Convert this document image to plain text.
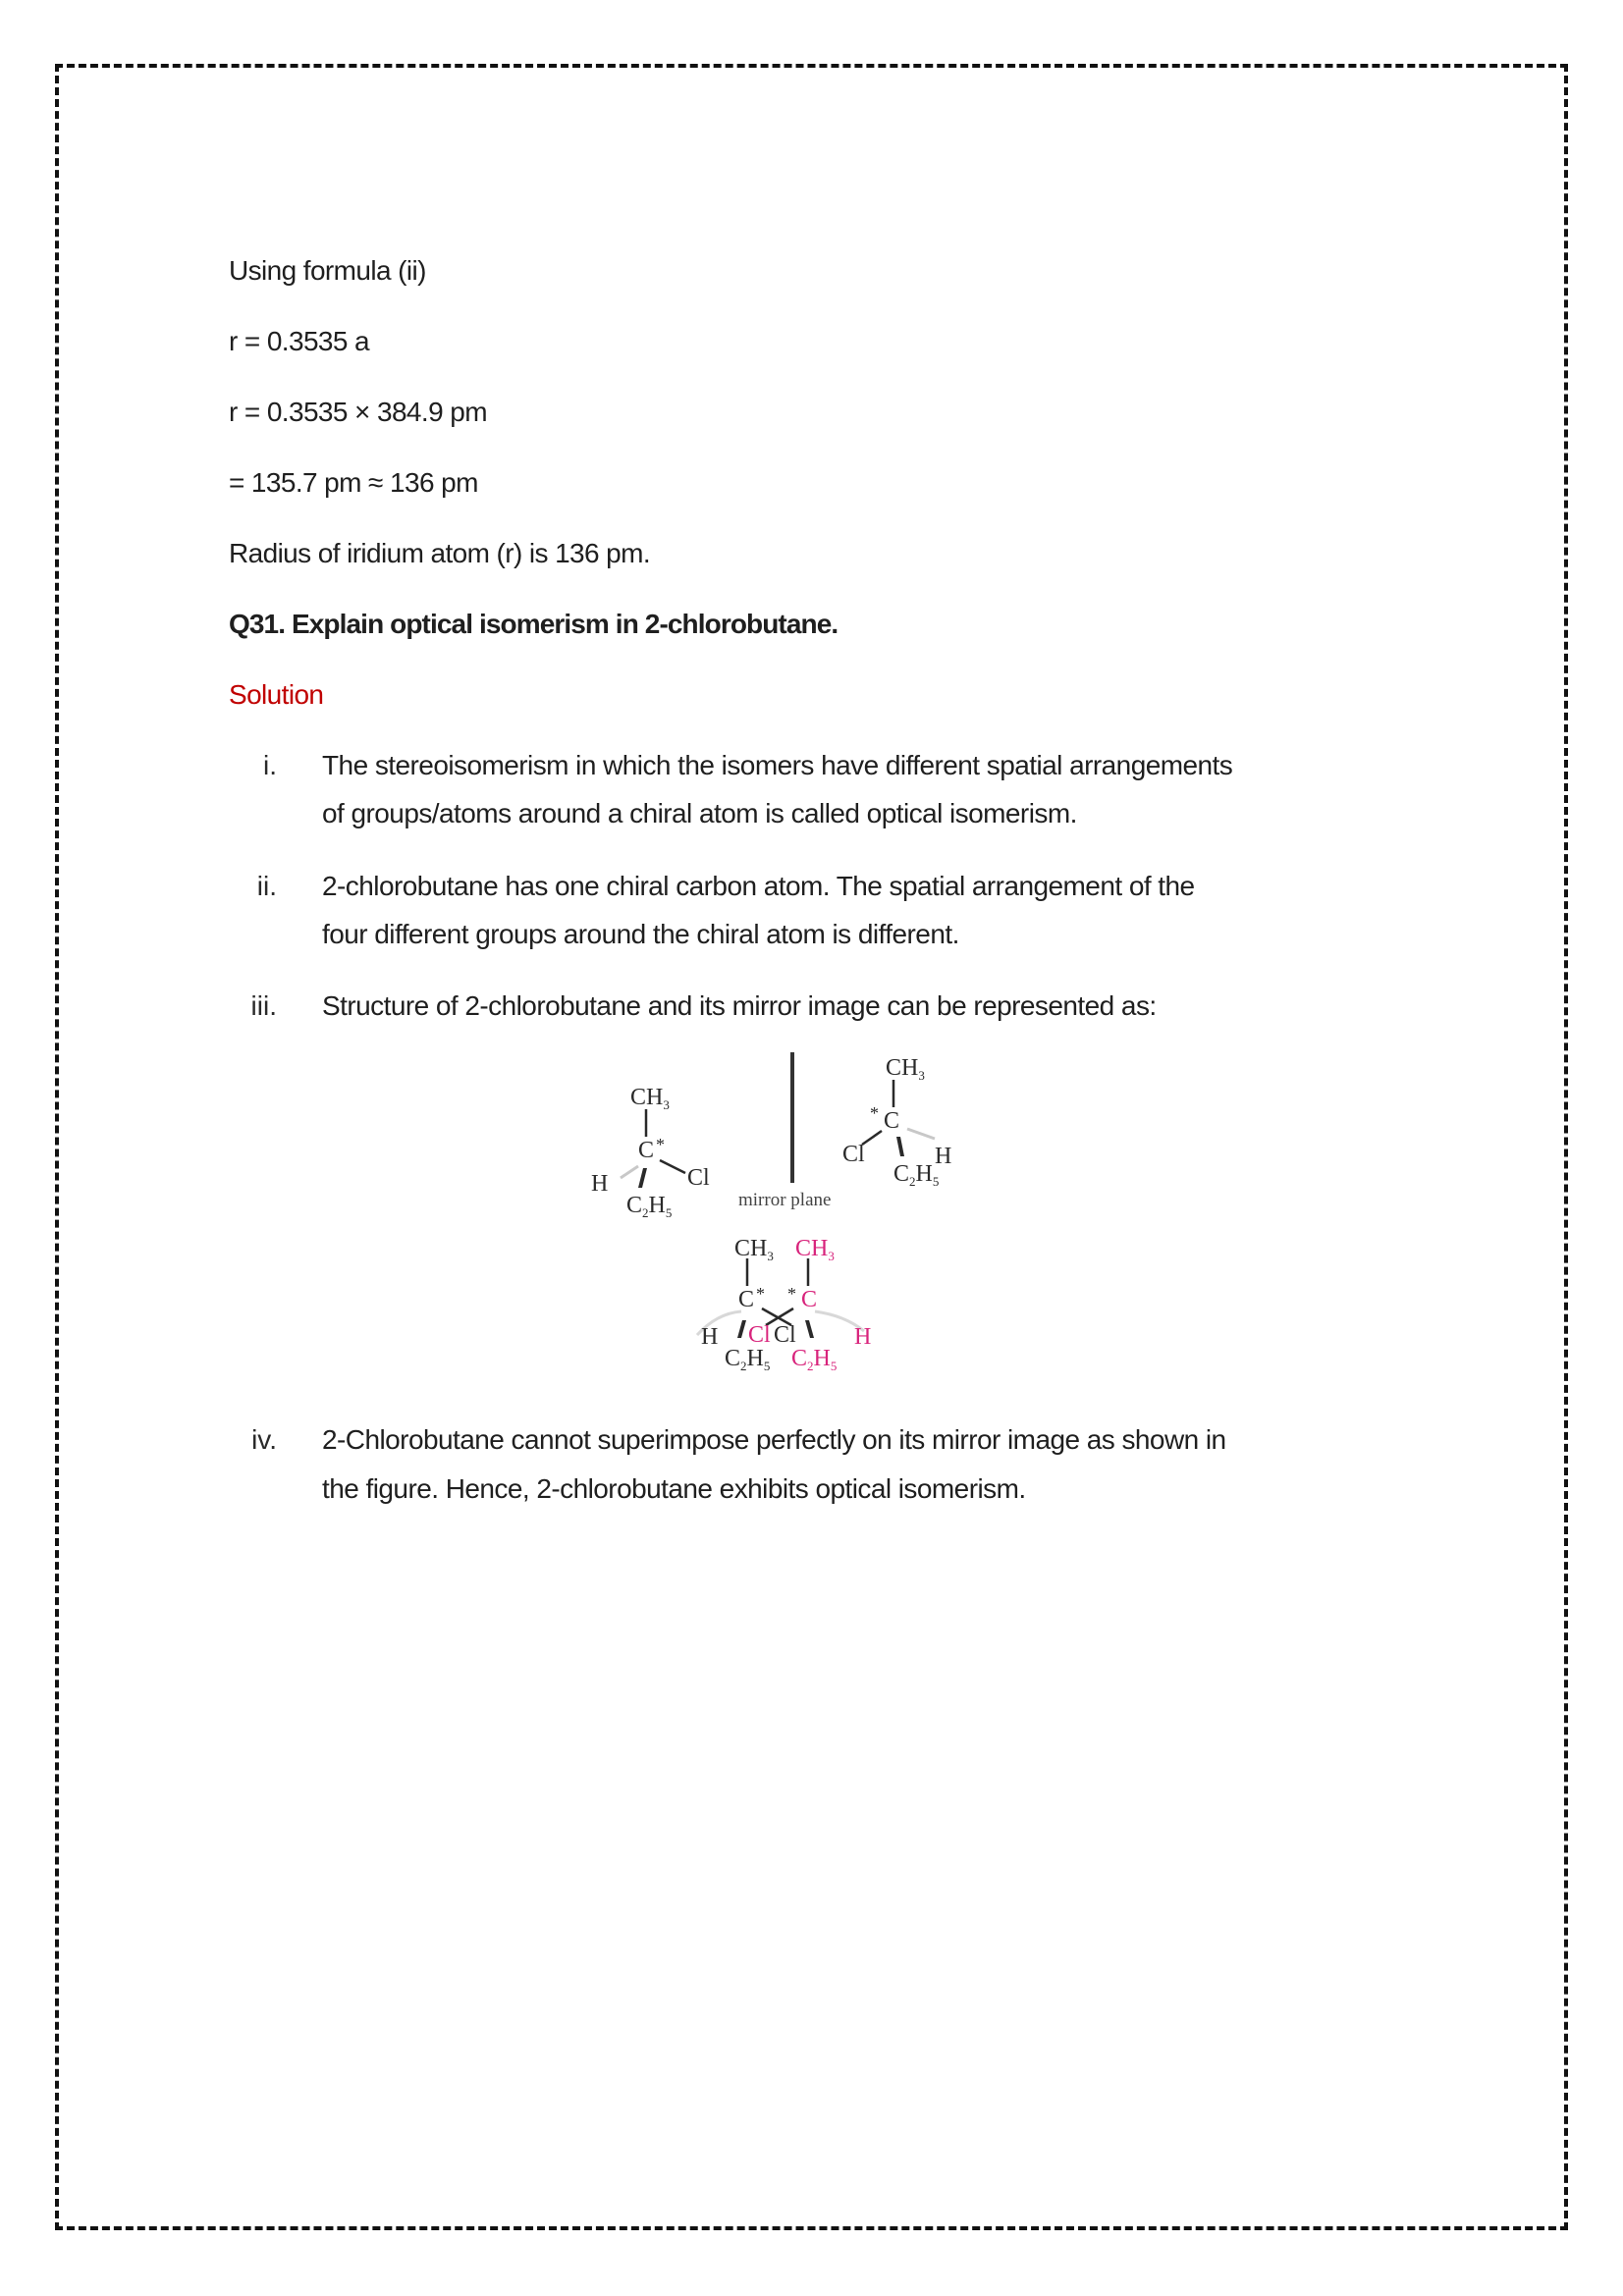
Using formula (ii)
r = 0.3535 a
r = 0.3535 × 384.9 pm
= 135.7 pm ≈ 136 pm
Radius of iridium atom (r) is 136 pm.
Q31. Explain optical isomerism in 2-chlorobutane.
Solution
i. The stereoisomerism in which the isomers have different spatial arrangements
of groups/atoms around a chiral atom is called optical isomerism.
ii. 2-chlorobutane has one chiral carbon atom. The spatial arrangement of the
four different groups around the chiral atom is different.
iii. Structure of 2-chlorobutane and its mirror image can be represented as:
$CH_3$
C *
Cl
H
$C_2H_5$
mirror plane
$CH_3$
C
*
Cl	H
$C_2H_5$
$CH_3$ $CH_3$
C C
* *
H Cl Cl H
$C_2H_5$ $C_2H_5$
iv. 2-Chlorobutane cannot superimpose perfectly on its mirror image as shown in
the figure. Hence, 2-chlorobutane exhibits optical isomerism.
